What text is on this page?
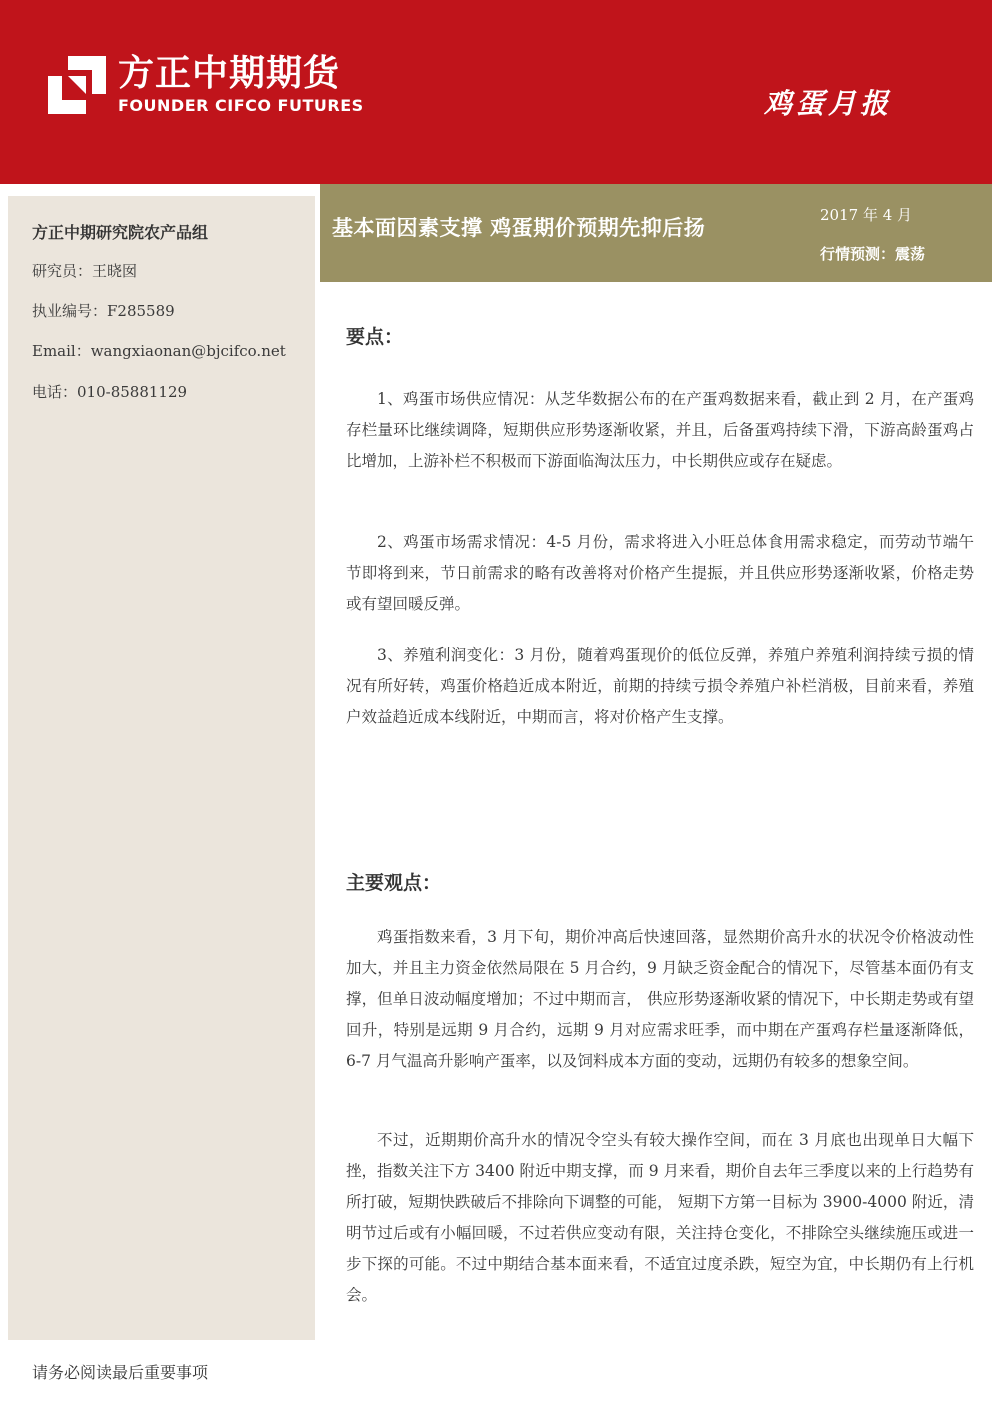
方正中期期货
FOUNDER CIFCO FUTURES	鸡蛋月报
方正中期研究院农产品组
研究员：王晓囡
执业编号：F285589
Email：wangxiaonan@bjcifco.net
电话：010-85881129
基本面因素支撑 鸡蛋期价预期先抑后扬
2017 年 4 月
行情预测：震荡
要点：

1、鸡蛋市场供应情况：从芝华数据公布的在产蛋鸡数据来看，截止到 2 月，在产蛋鸡存栏量环比继续调降，短期供应形势逐渐收紧，并且，后备蛋鸡持续下滑，下游高龄蛋鸡占比增加，上游补栏不积极而下游面临淘汰压力，中长期供应或存在疑虑。

2、鸡蛋市场需求情况：4-5 月份，需求将进入小旺总体食用需求稳定，而劳动节端午节即将到来，节日前需求的略有改善将对价格产生提振，并且供应形势逐渐收紧，价格走势或有望回暖反弹。

3、养殖利润变化：3 月份，随着鸡蛋现价的低位反弹，养殖户养殖利润持续亏损的情况有所好转，鸡蛋价格趋近成本附近，前期的持续亏损令养殖户补栏消极，目前来看，养殖户效益趋近成本线附近，中期而言，将对价格产生支撑。

主要观点：

鸡蛋指数来看，3 月下旬，期价冲高后快速回落，显然期价高升水的状况令价格波动性加大，并且主力资金依然局限在 5 月合约，9 月缺乏资金配合的情况下，尽管基本面仍有支撑，但单日波动幅度增加；不过中期而言， 供应形势逐渐收紧的情况下，中长期走势或有望回升，特别是远期 9 月合约，远期 9 月对应需求旺季，而中期在产蛋鸡存栏量逐渐降低，6-7 月气温高升影响产蛋率，以及饲料成本方面的变动，远期仍有较多的想象空间。

不过，近期期价高升水的情况令空头有较大操作空间，而在 3 月底也出现单日大幅下挫，指数关注下方 3400 附近中期支撑，而 9 月来看，期价自去年三季度以来的上行趋势有所打破，短期快跌破后不排除向下调整的可能， 短期下方第一目标为 3900-4000 附近，清明节过后或有小幅回暖，不过若供应变动有限，关注持仓变化，不排除空头继续施压或进一步下探的可能。不过中期结合基本面来看，不适宜过度杀跌，短空为宜，中长期仍有上行机会。

请务必阅读最后重要事项
